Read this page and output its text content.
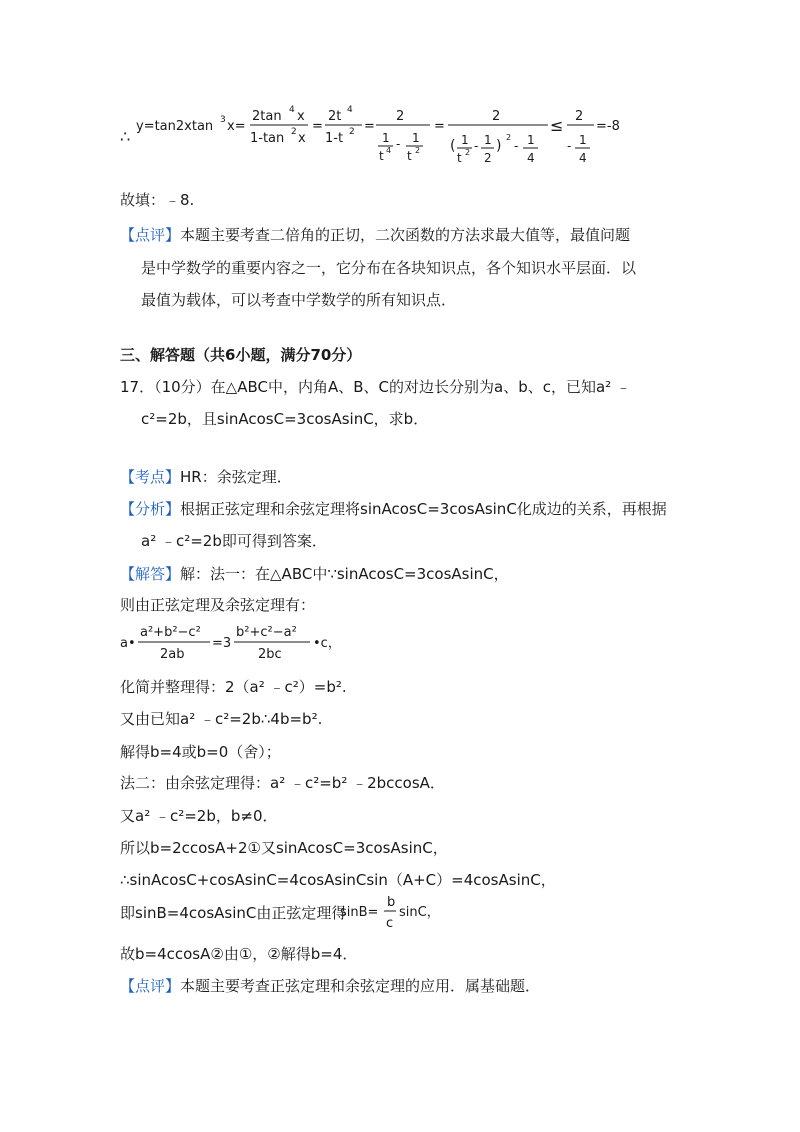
∴
y=tan2xtan 3 x=
2tan 4 x
1-tan 2 x
=
2t 4
1-t 2 =
2
1
t 4 - 1
t 2
=
2
( 1
t 2 - 1
2
)
2
- 1
4
≤ 2
- 1
4
=-8
故填：﹣8.
【点评】本题主要考查二倍角的正切，二次函数的方法求最大值等，最值问题
是中学数学的重要内容之一，它分布在各块知识点，各个知识水平层面．以
最值为载体，可以考查中学数学的所有知识点．
三、解答题（共6小题，满分70分）
17．（10分）在△ABC中，内角A、B、C的对边长分别为a、b、c，已知a² ﹣
c²=2b，且sinAcosC=3cosAsinC，求b．
【考点】HR：余弦定理．
【分析】根据正弦定理和余弦定理将sinAcosC=3cosAsinC化成边的关系，再根据
a² ﹣c²=2b即可得到答案．
【解答】解：法一：在△ABC中∵sinAcosC=3cosAsinC，
则由正弦定理及余弦定理有：
a •
a²+b²−c²
2ab
=3
b²+c²−a²
2bc
•c，
化简并整理得：2（a² ﹣c²）=b².
又由已知a² ﹣c²=2b∴4b=b².
解得b=4或b=0（舍）；
法二：由余弦定理得：a² ﹣c²=b² ﹣2bccosA．
又a² ﹣c²=2b，b≠0．
所以b=2ccosA+2①又sinAcosC=3cosAsinC，
∴sinAcosC+cosAsinC=4cosAsinCsin（A+C）=4cosAsinC，
即sinB=4cosAsinC由正弦定理得
sinB=
b
c
sinC，
故b=4ccosA②由①，②解得b=4．
【点评】本题主要考查正弦定理和余弦定理的应用．属基础题．
